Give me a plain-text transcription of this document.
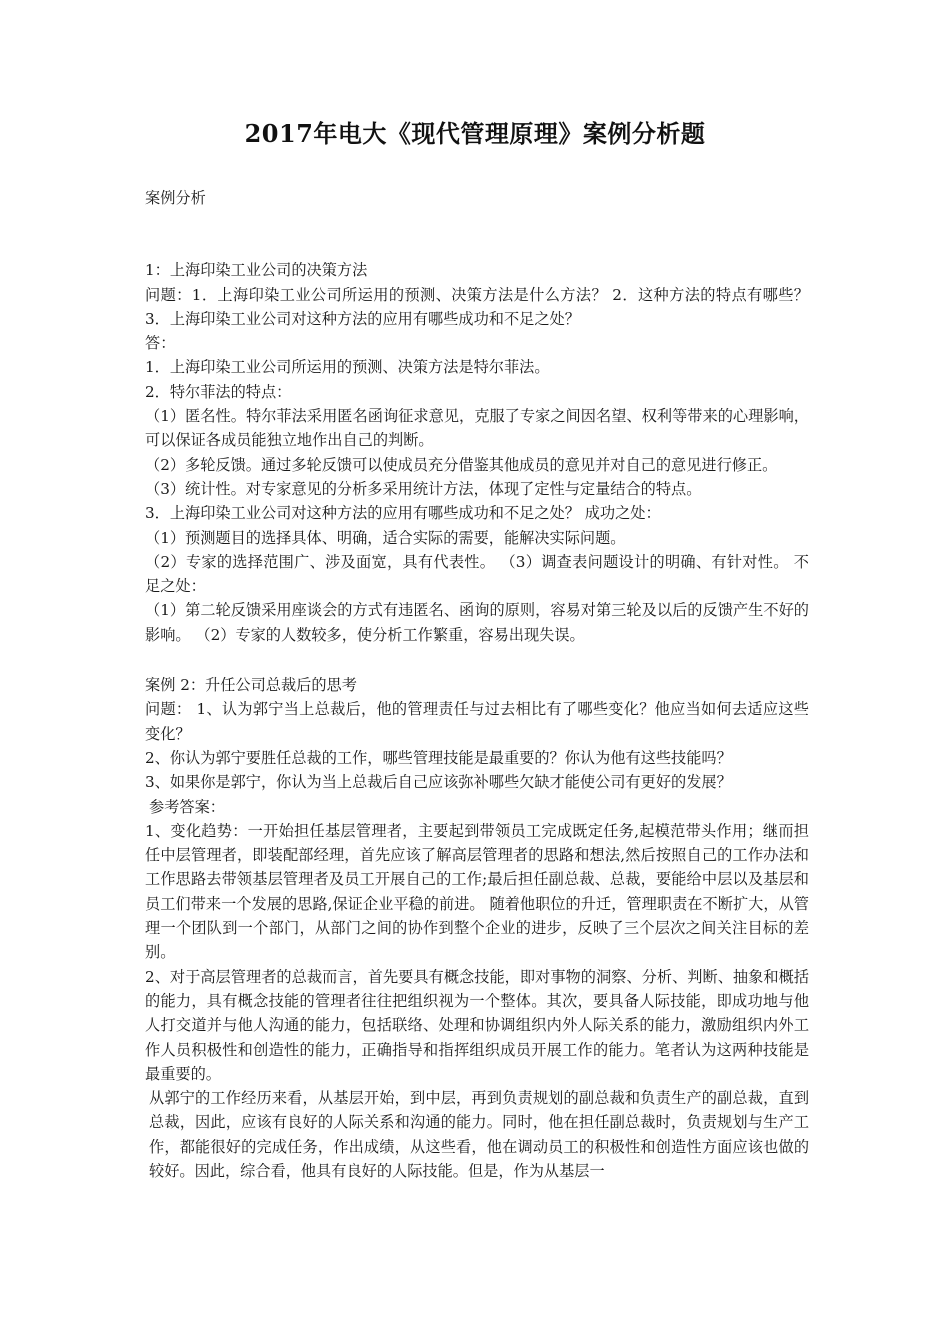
2017年电大《现代管理原理》案例分析题

案例分析

1：上海印染工业公司的决策方法

问题：1．上海印染工业公司所运用的预测、决策方法是什么方法？ 2．这种方法的特点有哪些？ 3．上海印染工业公司对这种方法的应用有哪些成功和不足之处？

答：

1．上海印染工业公司所运用的预测、决策方法是特尔菲法。

2．特尔菲法的特点：

（1）匿名性。特尔菲法采用匿名函询征求意见，克服了专家之间因名望、权利等带来的心理影响，可以保证各成员能独立地作出自己的判断。

（2）多轮反馈。通过多轮反馈可以使成员充分借鉴其他成员的意见并对自己的意见进行修正。

（3）统计性。对专家意见的分析多采用统计方法，体现了定性与定量结合的特点。

3．上海印染工业公司对这种方法的应用有哪些成功和不足之处？ 成功之处：

（1）预测题目的选择具体、明确，适合实际的需要，能解决实际问题。

（2）专家的选择范围广、涉及面宽，具有代表性。 （3）调查表问题设计的明确、有针对性。 不足之处：

（1）第二轮反馈采用座谈会的方式有违匿名、函询的原则，容易对第三轮及以后的反馈产生不好的影响。 （2）专家的人数较多，使分析工作繁重，容易出现失误。

案例 2：升任公司总裁后的思考

问题： 1、认为郭宁当上总裁后，他的管理责任与过去相比有了哪些变化？他应当如何去适应这些变化？

2、你认为郭宁要胜任总裁的工作，哪些管理技能是最重要的？你认为他有这些技能吗？

3、如果你是郭宁，你认为当上总裁后自己应该弥补哪些欠缺才能使公司有更好的发展？

参考答案：

1、变化趋势：一开始担任基层管理者，主要起到带领员工完成既定任务,起模范带头作用；继而担任中层管理者，即装配部经理，首先应该了解高层管理者的思路和想法,然后按照自己的工作办法和工作思路去带领基层管理者及员工开展自己的工作;最后担任副总裁、总裁，要能给中层以及基层和员工们带来一个发展的思路,保证企业平稳的前进。 随着他职位的升迁，管理职责在不断扩大，从管理一个团队到一个部门，从部门之间的协作到整个企业的进步，反映了三个层次之间关注目标的差别。

2、对于高层管理者的总裁而言，首先要具有概念技能，即对事物的洞察、分析、判断、抽象和概括的能力，具有概念技能的管理者往往把组织视为一个整体。其次，要具备人际技能，即成功地与他人打交道并与他人沟通的能力，包括联络、处理和协调组织内外人际关系的能力，激励组织内外工作人员积极性和创造性的能力，正确指导和指挥组织成员开展工作的能力。笔者认为这两种技能是最重要的。

从郭宁的工作经历来看，从基层开始，到中层，再到负责规划的副总裁和负责生产的副总裁，直到总裁，因此，应该有良好的人际关系和沟通的能力。同时，他在担任副总裁时，负责规划与生产工作，都能很好的完成任务，作出成绩，从这些看，他在调动员工的积极性和创造性方面应该也做的较好。因此，综合看，他具有良好的人际技能。但是，作为从基层一
